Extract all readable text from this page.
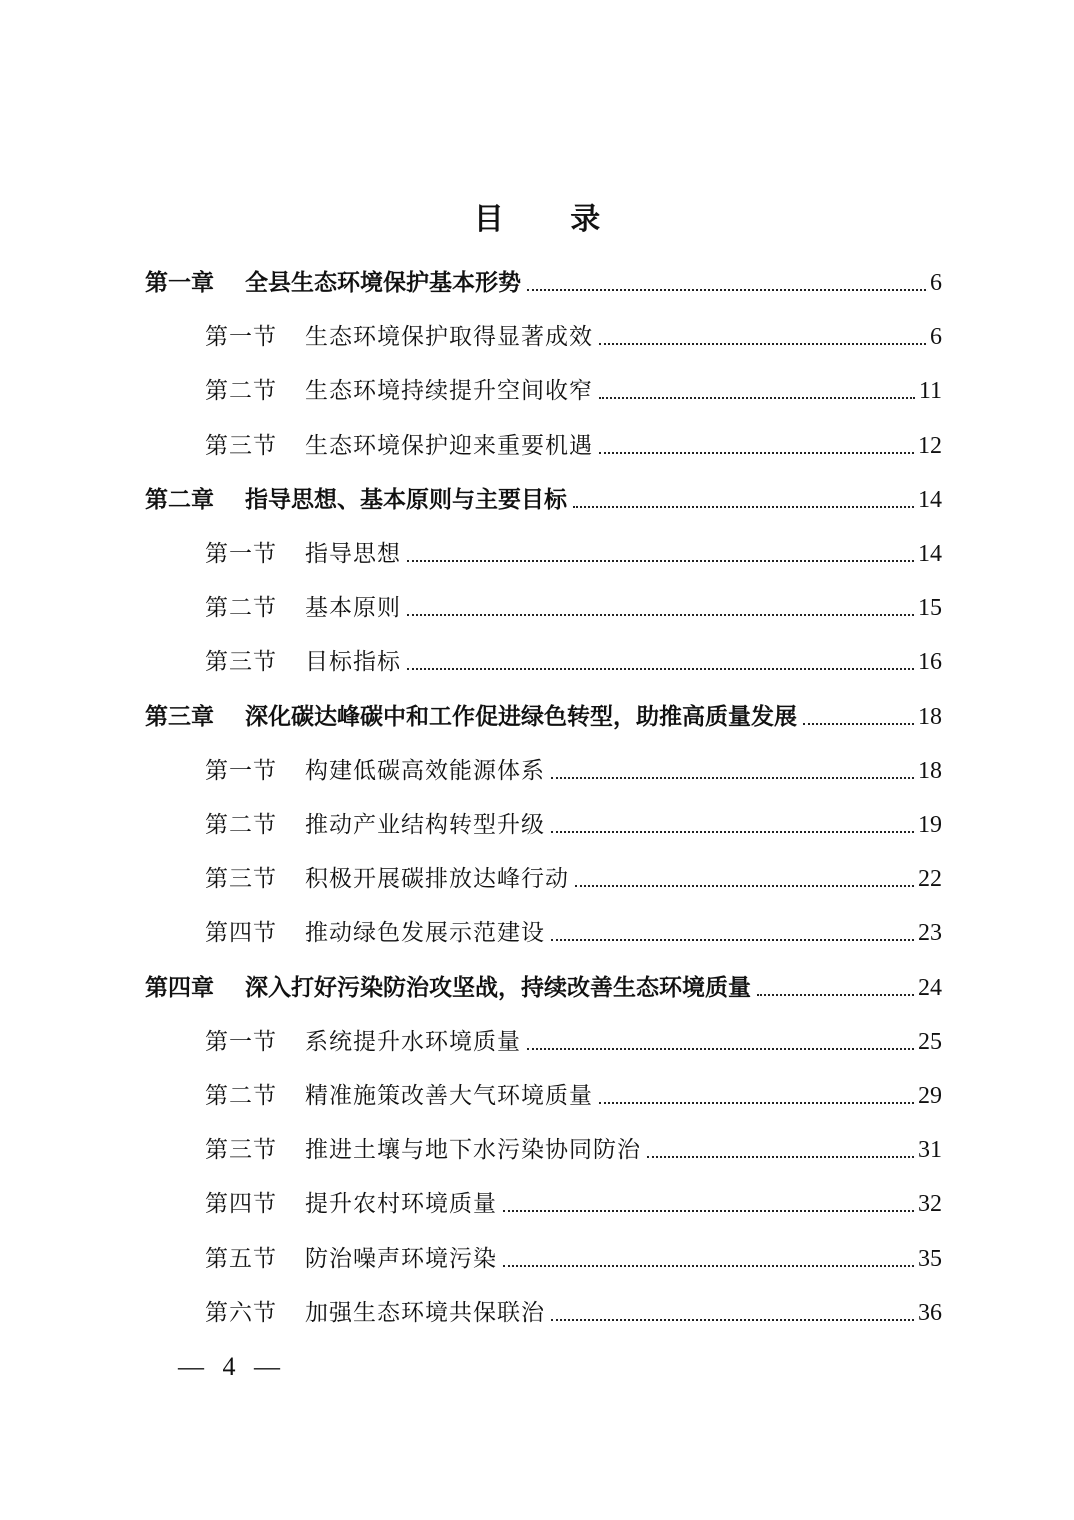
目 录
第一章	全县生态环境保护基本形势	6
第一节	生态环境保护取得显著成效	6
第二节	生态环境持续提升空间收窄	11
第三节	生态环境保护迎来重要机遇	12
第二章	指导思想、基本原则与主要目标	14
第一节	指导思想	14
第二节	基本原则	15
第三节	目标指标	16
第三章	深化碳达峰碳中和工作促进绿色转型，助推高质量发展	18
第一节	构建低碳高效能源体系	18
第二节	推动产业结构转型升级	19
第三节	积极开展碳排放达峰行动	22
第四节	推动绿色发展示范建设	23
第四章	深入打好污染防治攻坚战，持续改善生态环境质量	24
第一节	系统提升水环境质量	25
第二节	精准施策改善大气环境质量	29
第三节	推进土壤与地下水污染协同防治	31
第四节	提升农村环境质量	32
第五节	防治噪声环境污染	35
第六节	加强生态环境共保联治	36
— 4 —
